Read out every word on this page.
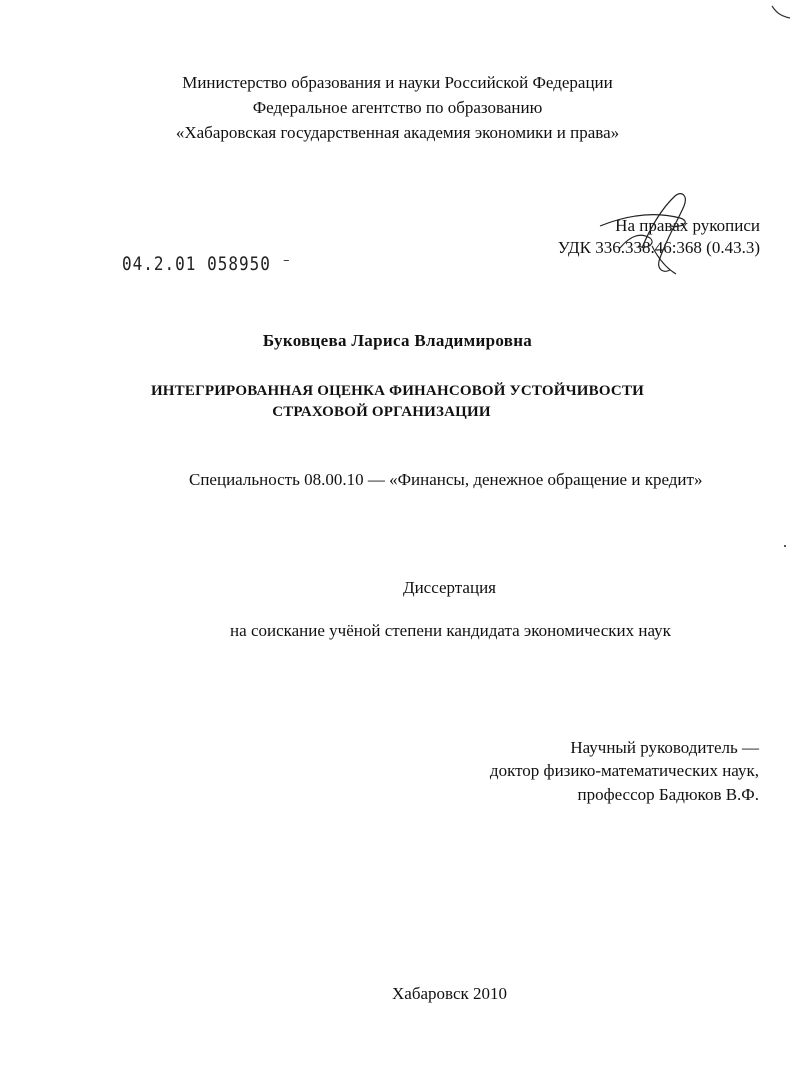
Министерство образования и науки Российской Федерации
Федеральное агентство по образованию
«Хабаровская государственная академия экономики и права»
На правах рукописи
УДК 336.338.46:368 (0.43.3)
04.2.01 058950 ⁻
Буковцева Лариса Владимировна
ИНТЕГРИРОВАННАЯ ОЦЕНКА ФИНАНСОВОЙ УСТОЙЧИВОСТИ
СТРАХОВОЙ ОРГАНИЗАЦИИ
Специальность 08.00.10 — «Финансы, денежное обращение и кредит»
Диссертация
на соискание учёной степени кандидата экономических наук
Научный руководитель —
доктор физико-математических наук,
профессор Бадюков В.Ф.
Хабаровск 2010
